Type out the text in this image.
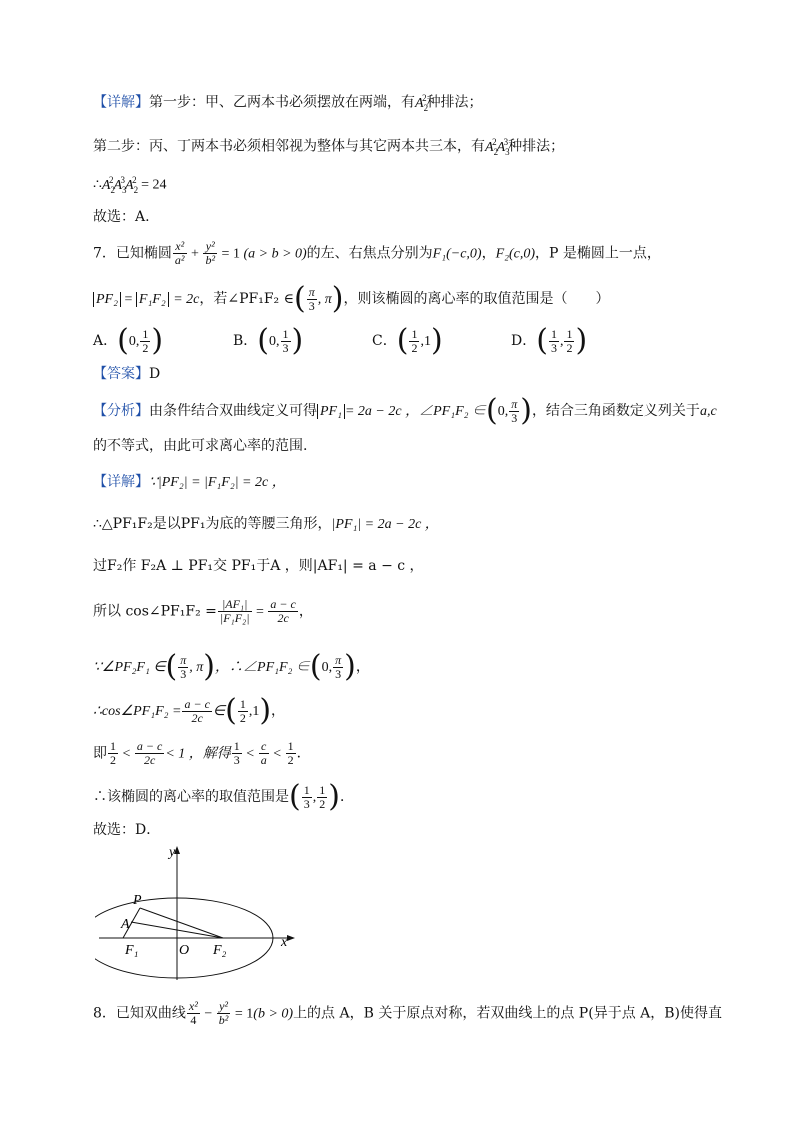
【详解】第一步：甲、乙两本书必须摆放在两端，有$A_2^2$种排法；
第二步：丙、丁两本书必须相邻视为整体与其它两本共三本，有$A_2^2A_3^3$种排法；
$\therefore A_2^2A_3^3A_2^2 = 24$
故选：A.
7．已知椭圆 $\frac{\text{x²}}{\text{a²}} + \frac{\text{y²}}{\text{b²}} = 1$ (a > b > 0)的左、右焦点分别为F₁(−c,0)，F₂(c,0)，P 是椭圆上一点，
PF₂ = F₁F₂ = 2c，若∠PF₁F₂ ∈( $\frac{\pi}{3}$ , π)，则该椭圆的离心率的取值范围是（　　）
A．(0, $\frac{1}{2}$ )	B．(0, $\frac{1}{3}$ )	C．( $\frac{1}{2} ,1$)	D．( $\frac{1}{3}$ , $\frac{1}{2}$ )
【答案】D
【分析】由条件结合双曲线定义可得 PF₁ = 2a − 2c ，∠PF₁F₂ ∈(0, $\frac{\pi}{3}$ )，结合三角函数定义列关于a,c
的不等式，由此可求离心率的范围.
【详解】∵|PF₂| = |F₁F₂| = 2c ，
∴△PF₁F₂是以PF₁为底的等腰三角形，|PF₁| = 2a − 2c ，
过F₂作 F₂A ⊥ PF₁交 PF₁于A ，则|AF₁| = a − c ，
所以 cos∠PF₁F₂ = $\frac{\text{|AF₁|}}{\text{|F₁F₂|}} = \frac{a - c}{2c}$ ，
∵∠PF₂F₁ ∈( $\frac{\pi}{3}$ , π)，∴∠PF₁F₂ ∈(0, $\frac{\pi}{3}$ )，
∴cos∠PF₁F₂ = $\frac{a - c}{2c}$ ∈( $\frac{1}{2} ,1$)，
即 $\frac{1}{2} < \frac{a - c}{2c} < 1$ ，解得 $\frac{1}{3} < \frac{c}{a} < \frac{1}{2}$ ．
∴该椭圆的离心率的取值范围是( $\frac{1}{3}$ , $\frac{1}{2}$ )．
故选：D．
y
x
P
A
F₁	O F₂
8．已知双曲线 $\frac{\text{x²}}{4} - \frac{\text{y²}}{\text{b²}} = 1(b > 0)$上的点 A，B 关于原点对称，若双曲线上的点 P(异于点 A，B)使得直
